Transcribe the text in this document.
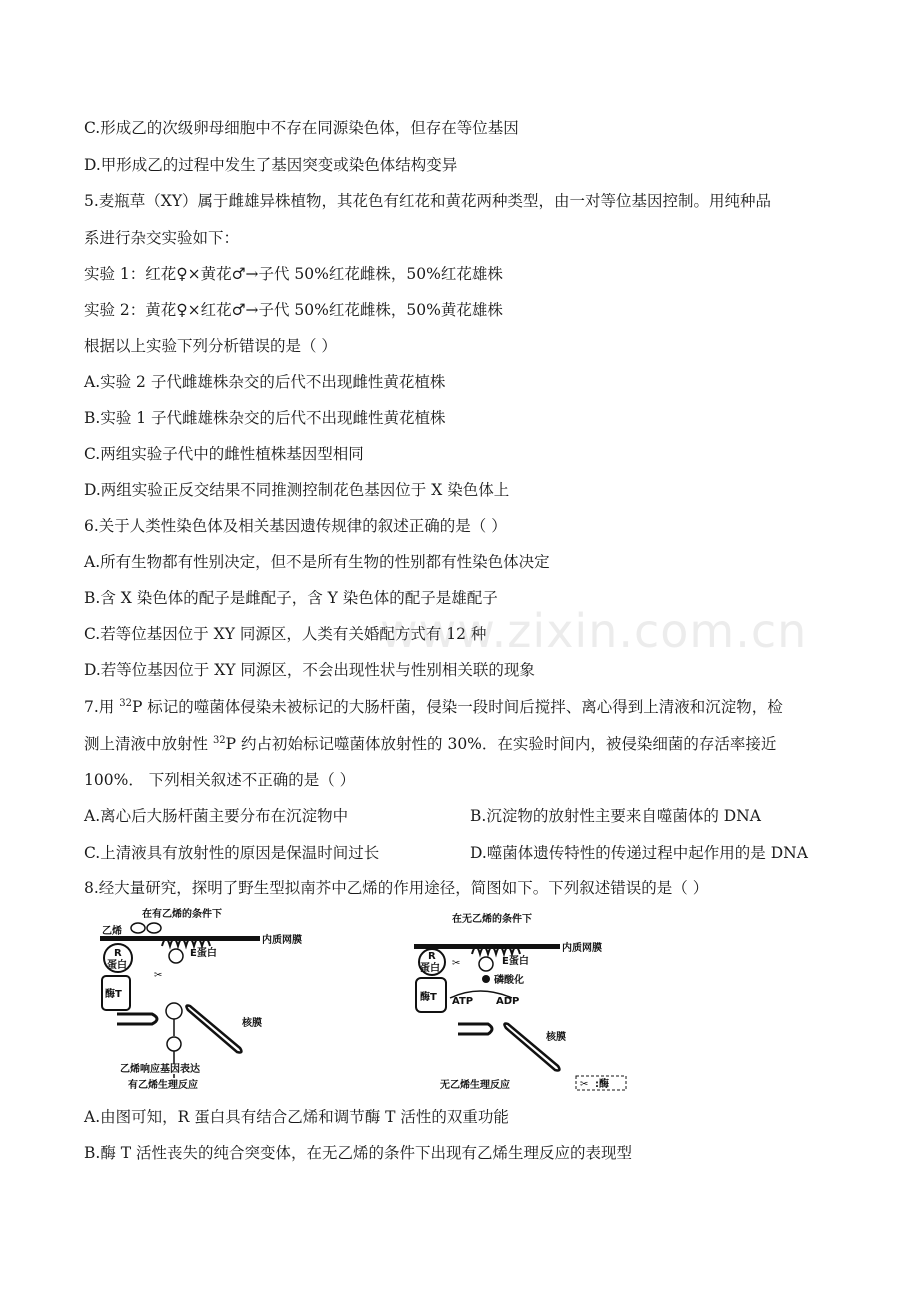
C.形成乙的次级卵母细胞中不存在同源染色体，但存在等位基因
D.甲形成乙的过程中发生了基因突变或染色体结构变异
5.麦瓶草（XY）属于雌雄异株植物，其花色有红花和黄花两种类型，由一对等位基因控制。用纯种品
系进行杂交实验如下：
实验 1：红花♀×黄花♂→子代 50%红花雌株，50%红花雄株
实验 2：黄花♀×红花♂→子代 50%红花雌株，50%黄花雄株
根据以上实验下列分析错误的是（ ）
A.实验 2 子代雌雄株杂交的后代不出现雌性黄花植株
B.实验 1 子代雌雄株杂交的后代不出现雌性黄花植株
C.两组实验子代中的雌性植株基因型相同
D.两组实验正反交结果不同推测控制花色基因位于 X 染色体上
6.关于人类性染色体及相关基因遗传规律的叙述正确的是（ ）
A.所有生物都有性别决定，但不是所有生物的性别都有性染色体决定
B.含 X 染色体的配子是雌配子，含 Y 染色体的配子是雄配子
C.若等位基因位于 XY 同源区，人类有关婚配方式有 12 种
D.若等位基因位于 XY 同源区，不会出现性状与性别相关联的现象
7.用 $^{32}$P 标记的噬菌体侵染未被标记的大肠杆菌，侵染一段时间后搅拌、离心得到上清液和沉淀物，检
测上清液中放射性 $^{32}$P 约占初始标记噬菌体放射性的 30%．在实验时间内，被侵染细菌的存活率接近
100%． 下列相关叙述不正确的是（ ）
A.离心后大肠杆菌主要分布在沉淀物中	B.沉淀物的放射性主要来自噬菌体的 DNA
C.上清液具有放射性的原因是保温时间过长	D.噬菌体遗传特性的传递过程中起作用的是 DNA
8.经大量研究，探明了野生型拟南芥中乙烯的作用途径，简图如下。下列叙述错误的是（ ）
在有乙烯的条件下
内质网膜
乙烯
R
蛋白
酶T
E蛋白
✂
核膜
乙烯响应基因表达
有乙烯生理反应
在无乙烯的条件下
内质网膜
R
蛋白
酶T
✂	E蛋白
磷酸化
ATP ADP
核膜
无乙烯生理反应	✂ :酶
A.由图可知，R 蛋白具有结合乙烯和调节酶 T 活性的双重功能
B.酶 T 活性丧失的纯合突变体，在无乙烯的条件下出现有乙烯生理反应的表现型
www.zixin.com.cn
